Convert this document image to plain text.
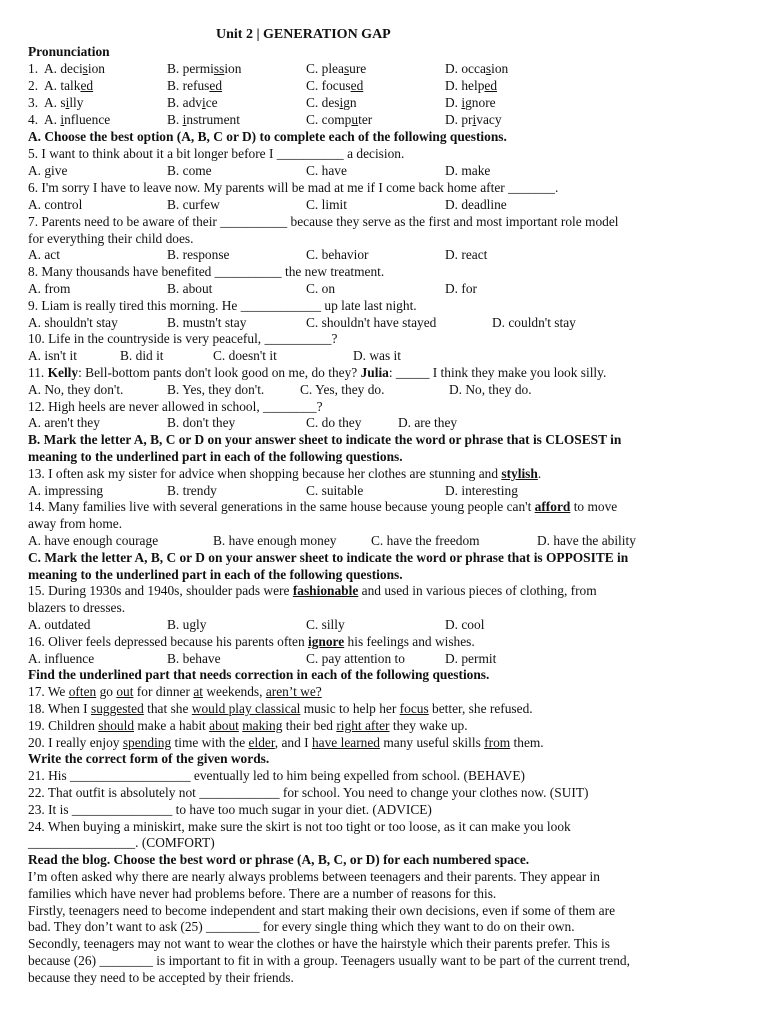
Unit 2 | GENERATION GAP
Pronunciation
1. A. decision	B. permission	C. pleasure	D. occasion
2. A. talked	B. refused	C. focused	D. helped
3. A. silly	B. advice	C. design	D. ignore
4. A. influence	B. instrument	C. computer	D. privacy
A. Choose the best option (A, B, C or D) to complete each of the following questions.
5. I want to think about it a bit longer before I __________ a decision.
A. give	B. come	C. have	D. make
6. I'm sorry I have to leave now. My parents will be mad at me if I come back home after _______.
A. control	B. curfew	C. limit	D. deadline
7. Parents need to be aware of their __________ because they serve as the first and most important role model
for everything their child does.
A. act	B. response	C. behavior	D. react
8. Many thousands have benefited __________ the new treatment.
A. from	B. about	C. on	D. for
9. Liam is really tired this morning. He ____________ up late last night.
A. shouldn't stay	B. mustn't stay	C. shouldn't have stayed	D. couldn't stay
10. Life in the countryside is very peaceful, __________?
A. isn't it	B. did it	C. doesn't it	D. was it
11. Kelly: Bell-bottom pants don't look good on me, do they? Julia: _____ I think they make you look silly.
A. No, they don't.	B. Yes, they don't.	C. Yes, they do.	D. No, they do.
12. High heels are never allowed in school, ________?
A. aren't they	B. don't they	C. do they	D. are they
B. Mark the letter A, B, C or D on your answer sheet to indicate the word or phrase that is CLOSEST in
meaning to the underlined part in each of the following questions.
13. I often ask my sister for advice when shopping because her clothes are stunning and stylish.
A. impressing	B. trendy	C. suitable	D. interesting
14. Many families live with several generations in the same house because young people can't afford to move
away from home.
A. have enough courage	B. have enough money	C. have the freedom	D. have the ability
C. Mark the letter A, B, C or D on your answer sheet to indicate the word or phrase that is OPPOSITE in
meaning to the underlined part in each of the following questions.
15. During 1930s and 1940s, shoulder pads were fashionable and used in various pieces of clothing, from
blazers to dresses.
A. outdated	B. ugly	C. silly	D. cool
16. Oliver feels depressed because his parents often ignore his feelings and wishes.
A. influence	B. behave	C. pay attention to	D. permit
Find the underlined part that needs correction in each of the following questions.
17. We often go out for dinner at weekends, aren’t we?
18. When I suggested that she would play classical music to help her focus better, she refused.
19. Children should make a habit about making their bed right after they wake up.
20. I really enjoy spending time with the elder, and I have learned many useful skills from them.
Write the correct form of the given words.
21. His __________________ eventually led to him being expelled from school. (BEHAVE)
22. That outfit is absolutely not ____________ for school. You need to change your clothes now. (SUIT)
23. It is _______________ to have too much sugar in your diet. (ADVICE)
24. When buying a miniskirt, make sure the skirt is not too tight or too loose, as it can make you look
________________. (COMFORT)
Read the blog. Choose the best word or phrase (A, B, C, or D) for each numbered space.
I’m often asked why there are nearly always problems between teenagers and their parents. They appear in
families which have never had problems before. There are a number of reasons for this.
Firstly, teenagers need to become independent and start making their own decisions, even if some of them are
bad. They don’t want to ask (25) ________ for every single thing which they want to do on their own.
Secondly, teenagers may not want to wear the clothes or have the hairstyle which their parents prefer. This is
because (26) ________ is important to fit in with a group. Teenagers usually want to be part of the current trend,
because they need to be accepted by their friends.
